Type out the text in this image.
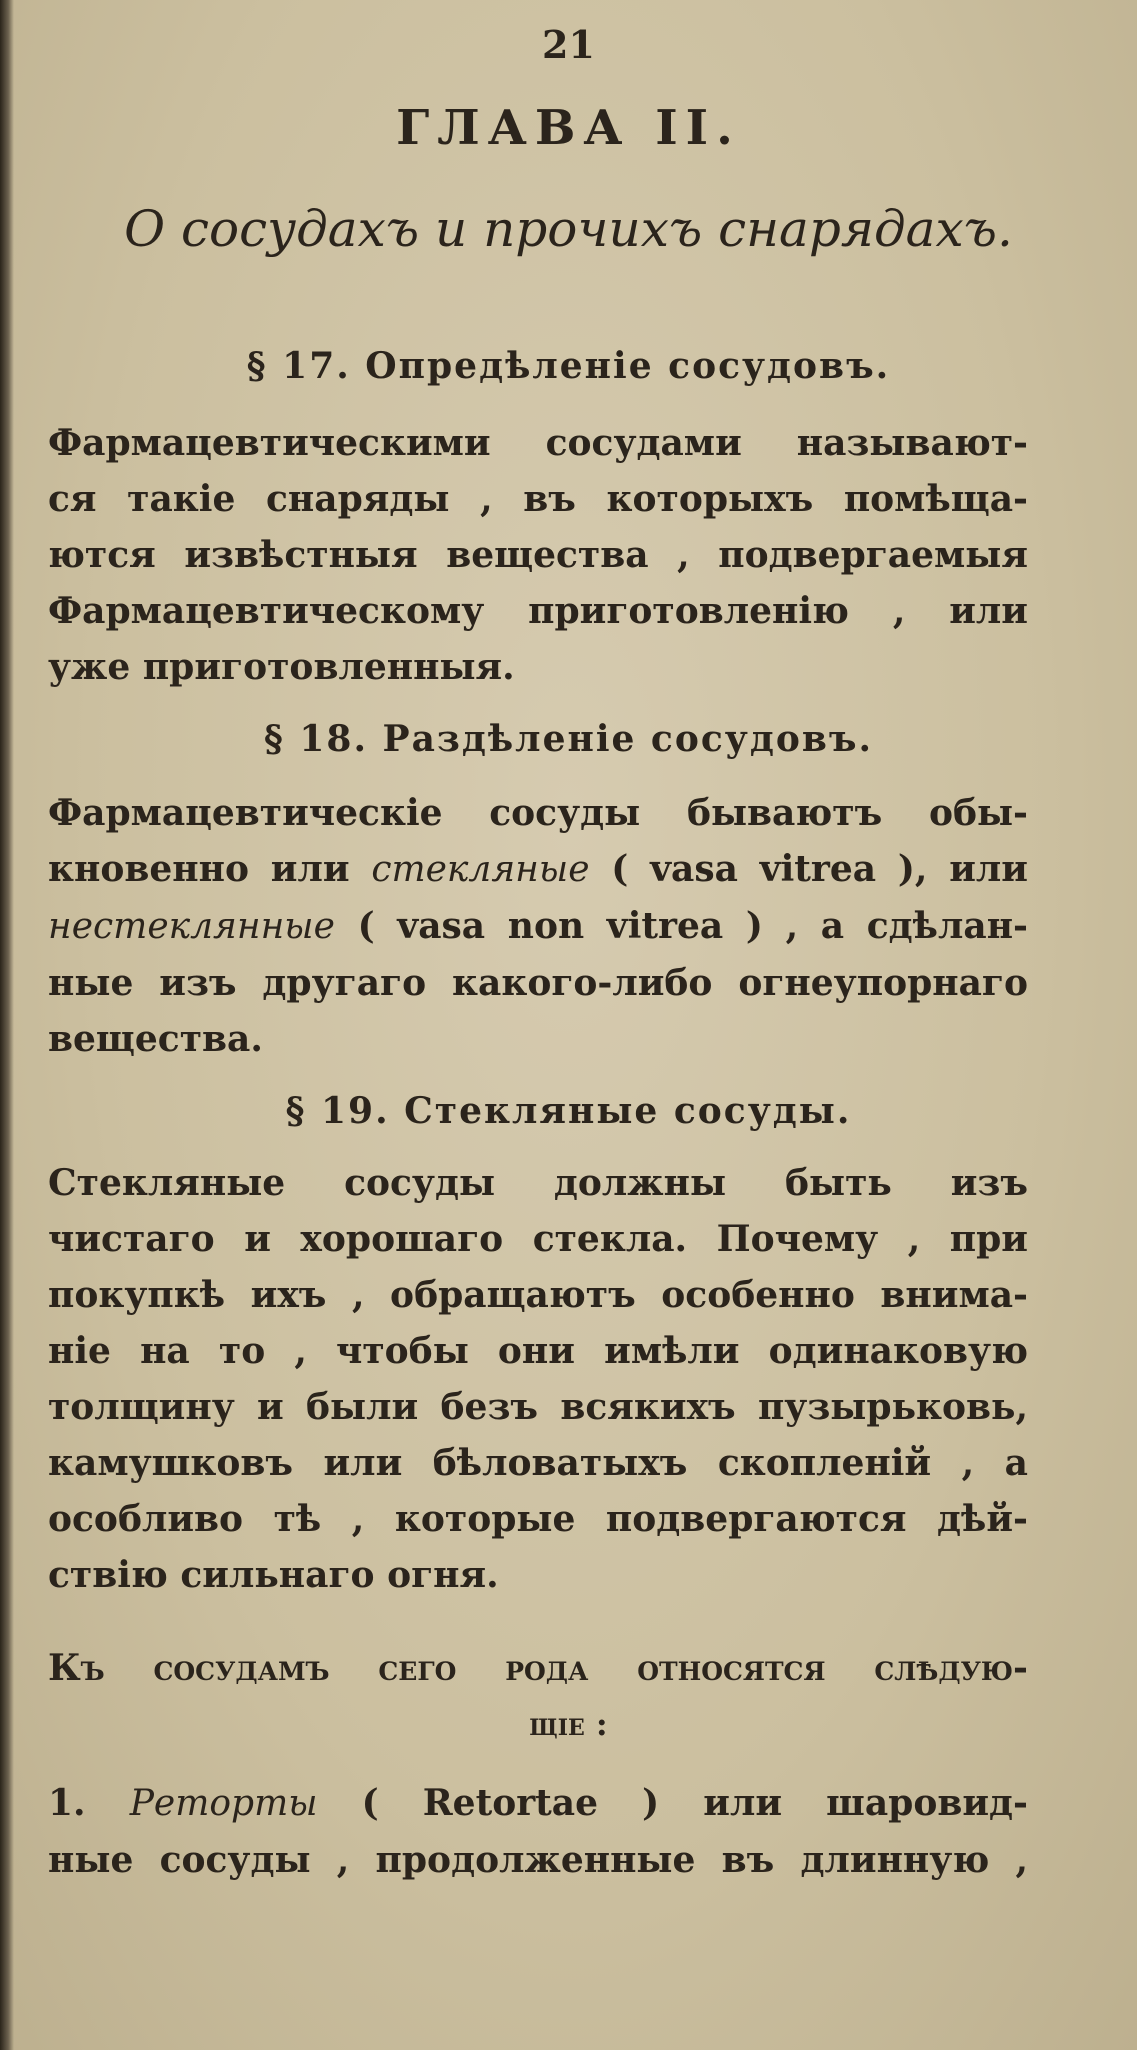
21
ГЛАВА II.
О сосудахъ и прочихъ снарядахъ.
§ 17. Опредѣленіе сосудовъ.
Фармацевтическими сосудами называют-
ся такіе снаряды , въ которыхъ помѣща-
ются извѣстныя вещества , подвергаемыя
Фармацевтическому приготовленію , или
уже приготовленныя.
§ 18. Раздѣленіе сосудовъ.
Фармацевтическіе сосуды бываютъ обы-
кновенно или стекляные ( vasa vitrea ), или
нестеклянные ( vasa non vitrea ) , а сдѣлан-
ные изъ другаго какого-либо огнеупорнаго
вещества.
§ 19. Стекляные сосуды.
Стекляные сосуды должны быть изъ
чистаго и хорошаго стекла. Почему , при
покупкѣ ихъ , обращаютъ особенно внима-
ніе на то , чтобы они имѣли одинаковую
толщину и были безъ всякихъ пузырьковь,
камушковъ или бѣловатыхъ скопленій , а
особливо тѣ , которые подвергаются дѣй-
ствію сильнаго огня.
Къ сосудамъ сего рода относятся слѣдую-
щіе :
1. Реторты ( Retortae ) или шаровид-
ные сосуды , продолженные въ длинную ,
